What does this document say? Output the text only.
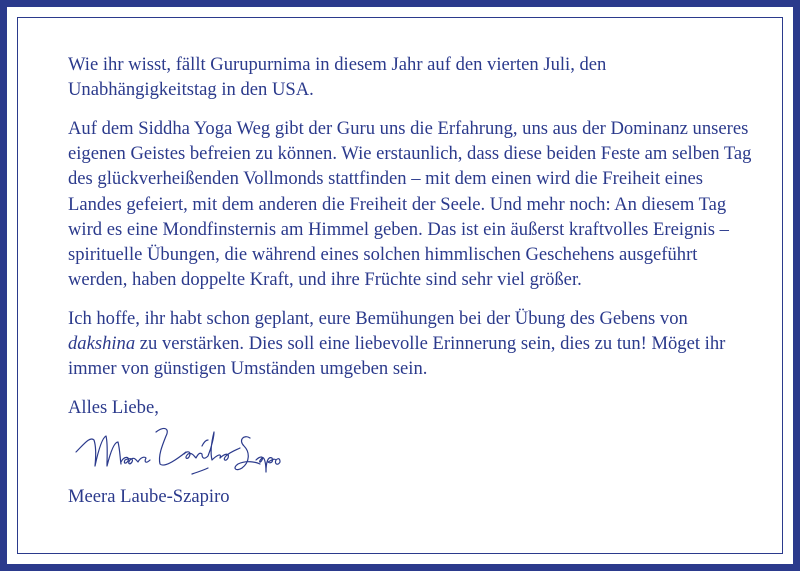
Wie ihr wisst, fällt Gurupurnima in diesem Jahr auf den vierten Juli, den Unabhängigkeitstag in den USA.

Auf dem Siddha Yoga Weg gibt der Guru uns die Erfahrung, uns aus der Dominanz unseres eigenen Geistes befreien zu können. Wie erstaunlich, dass diese beiden Feste am selben Tag des glückverheißenden Vollmonds stattfinden – mit dem einen wird die Freiheit eines Landes gefeiert, mit dem anderen die Freiheit der Seele. Und mehr noch: An diesem Tag wird es eine Mondfinsternis am Himmel geben. Das ist ein äußerst kraftvolles Ereignis – spirituelle Übungen, die während eines solchen himmlischen Geschehens ausgeführt werden, haben doppelte Kraft, und ihre Früchte sind sehr viel größer.

Ich hoffe, ihr habt schon geplant, eure Bemühungen bei der Übung des Gebens von dakshina zu verstärken. Dies soll eine liebevolle Erinnerung sein, dies zu tun! Möget ihr immer von günstigen Umständen umgeben sein.

Alles Liebe,
Meera Laube-Szapiro
